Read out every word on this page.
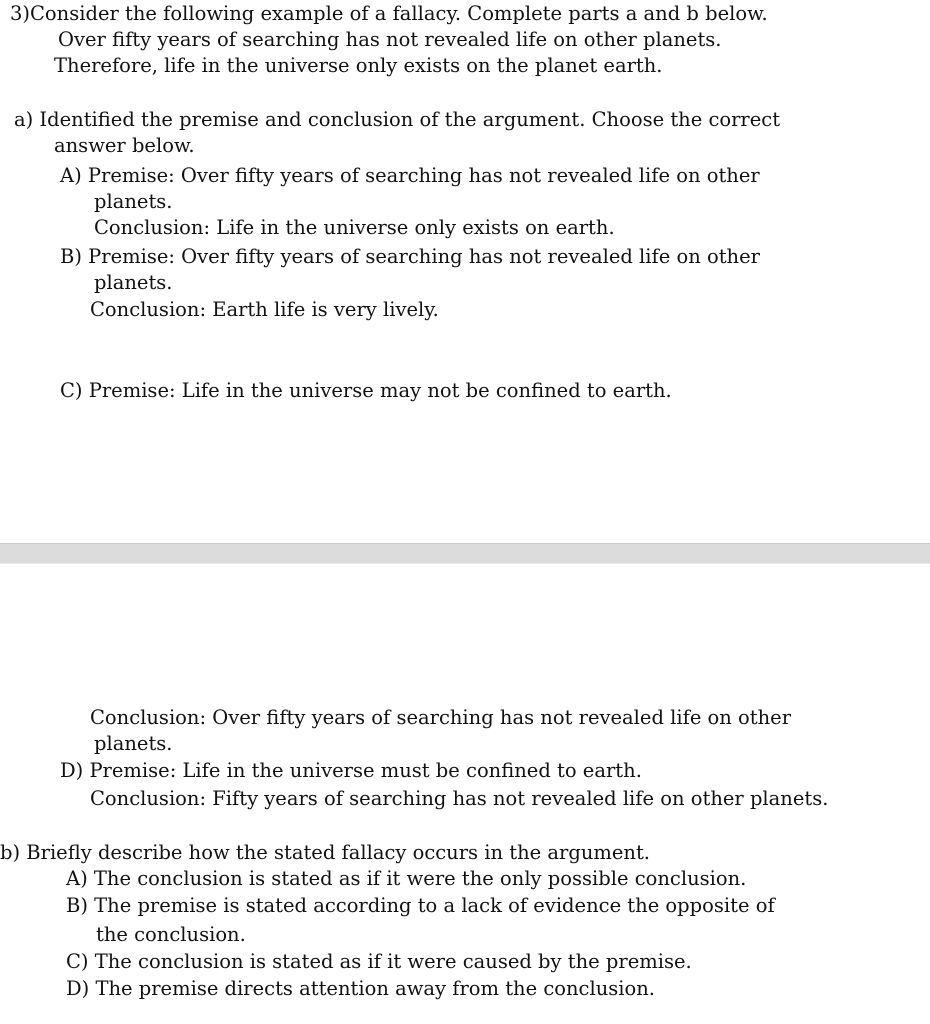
3)Consider the following example of a fallacy. Complete parts a and b below.
Over fifty years of searching has not revealed life on other planets.
Therefore, life in the universe only exists on the planet earth.
a) Identified the premise and conclusion of the argument. Choose the correct
answer below.
A) Premise: Over fifty years of searching has not revealed life on other
planets.
Conclusion: Life in the universe only exists on earth.
B) Premise: Over fifty years of searching has not revealed life on other
planets.
Conclusion: Earth life is very lively.
C) Premise: Life in the universe may not be confined to earth.
Conclusion: Over fifty years of searching has not revealed life on other
planets.
D) Premise: Life in the universe must be confined to earth.
Conclusion: Fifty years of searching has not revealed life on other planets.
b) Briefly describe how the stated fallacy occurs in the argument.
A) The conclusion is stated as if it were the only possible conclusion.
B) The premise is stated according to a lack of evidence the opposite of
the conclusion.
C) The conclusion is stated as if it were caused by the premise.
D) The premise directs attention away from the conclusion.
